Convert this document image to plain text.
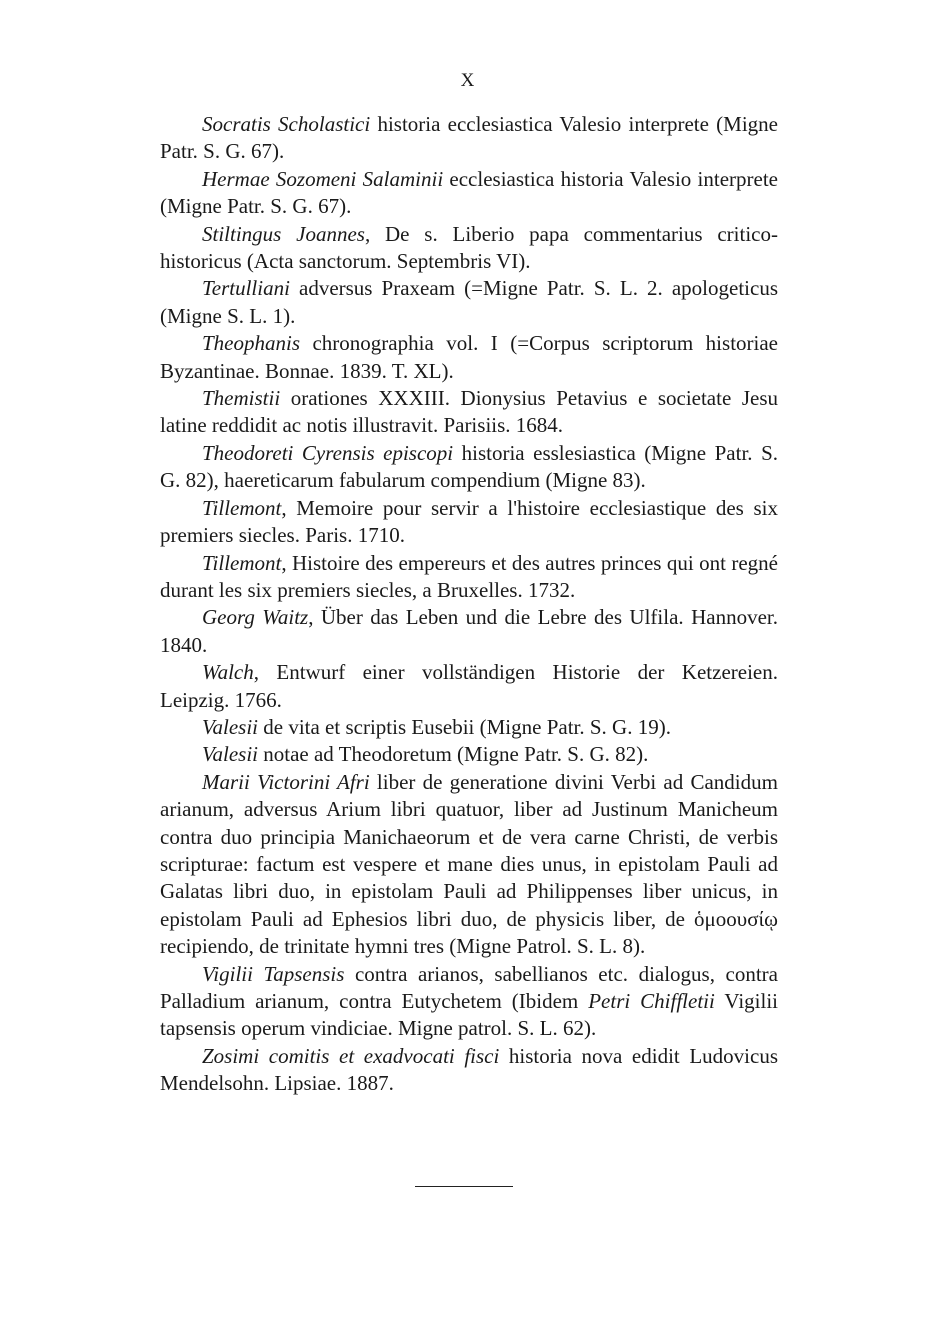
X

Socratis Scholastici historia ecclesiastica Valesio interprete (Migne Patr. S. G. 67).

Hermae Sozomeni Salaminii ecclesiastica historia Valesio interprete (Migne Patr. S. G. 67).

Stiltingus Joannes, De s. Liberio papa commentarius critico-historicus (Acta sanctorum. Septembris VI).

Tertulliani adversus Praxeam (=Migne Patr. S. L. 2. apologeticus (Migne S. L. 1).

Theophanis chronographia vol. I (=Corpus scriptorum historiae Byzantinae. Bonnae. 1839. T. XL).

Themistii orationes XXXIII. Dionysius Petavius e societate Jesu latine reddidit ac notis illustravit. Parisiis. 1684.

Theodoreti Cyrensis episcopi historia esslesiastica (Migne Patr. S. G. 82), haereticarum fabularum compendium (Migne 83).

Tillemont, Memoire pour servir a l'histoire ecclesiastique des six premiers siecles. Paris. 1710.

Tillemont, Histoire des empereurs et des autres princes qui ont regné durant les six premiers siecles, a Bruxelles. 1732.

Georg Waitz, Über das Leben und die Lebre des Ulfila. Hannover. 1840.

Walch, Entwurf einer vollständigen Historie der Ketzereien. Leipzig. 1766.

Valesii de vita et scriptis Eusebii (Migne Patr. S. G. 19).

Valesii notae ad Theodoretum (Migne Patr. S. G. 82).

Marii Victorini Afri liber de generatione divini Verbi ad Candidum arianum, adversus Arium libri quatuor, liber ad Justinum Manicheum contra duo principia Manichaeorum et de vera carne Christi, de verbis scripturae: factum est vespere et mane dies unus, in epistolam Pauli ad Galatas libri duo, in epistolam Pauli ad Philippenses liber unicus, in epistolam Pauli ad Ephesios libri duo, de physicis liber, de ὁμοουσίῳ recipiendo, de trinitate hymni tres (Migne Patrol. S. L. 8).

Vigilii Tapsensis contra arianos, sabellianos etc. dialogus, contra Palladium arianum, contra Eutychetem (Ibidem Petri Chiffletii Vigilii tapsensis operum vindiciae. Migne patrol. S. L. 62).

Zosimi comitis et exadvocati fisci historia nova edidit Ludovicus Mendelsohn. Lipsiae. 1887.
